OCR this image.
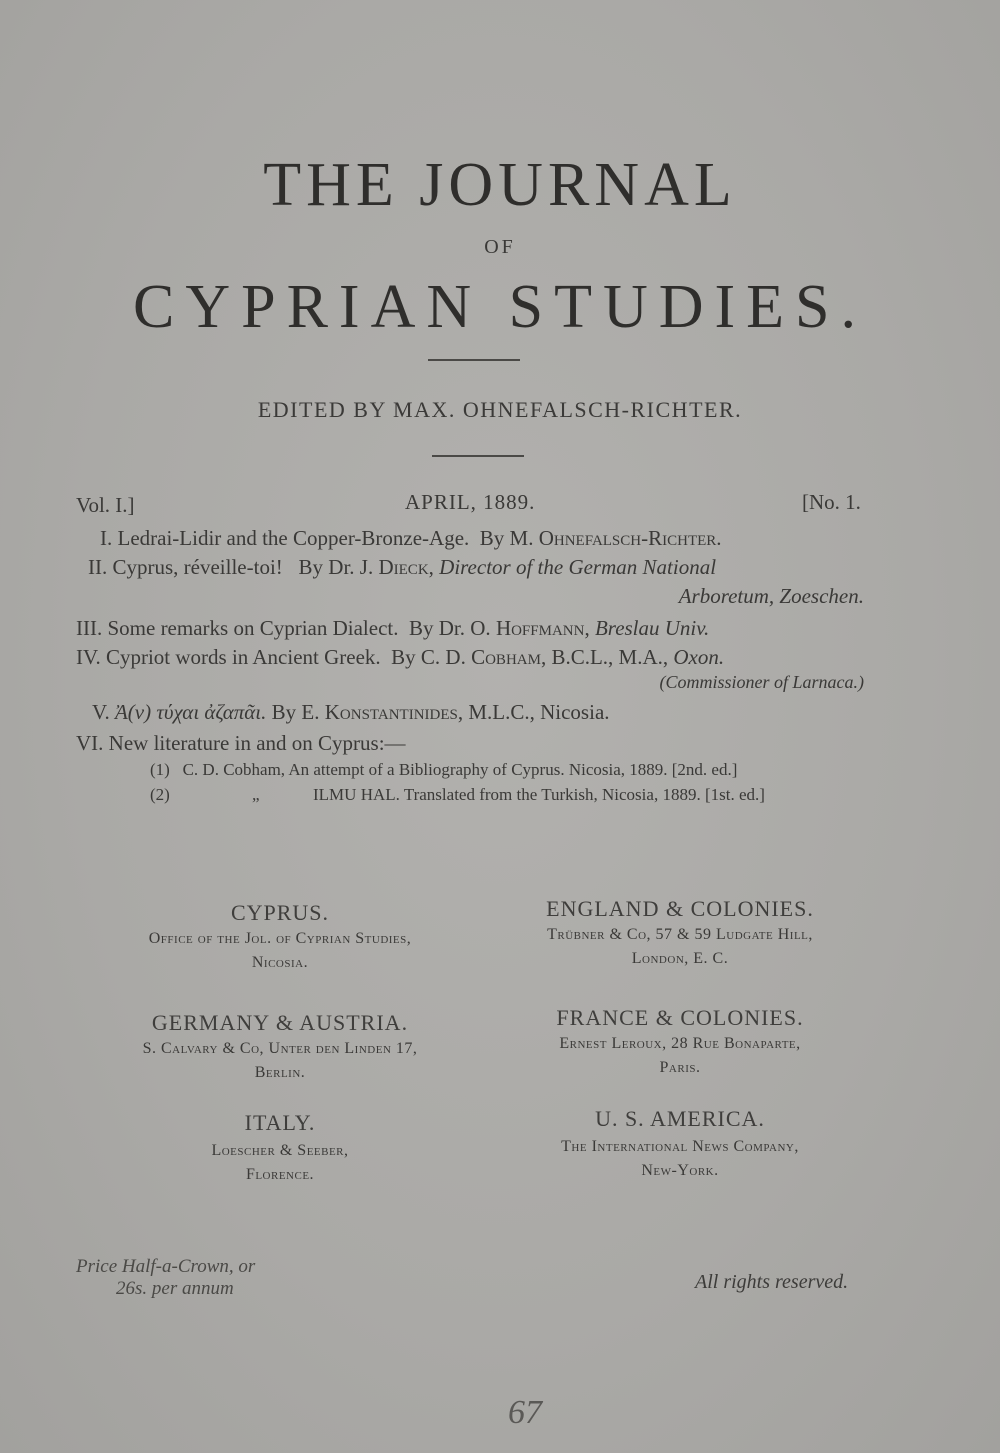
THE JOURNAL
OF
CYPRIAN STUDIES.
EDITED BY MAX. OHNEFALSCH-RICHTER.
Vol. I.]	APRIL, 1889.	[No. 1.
I. Ledrai-Lidir and the Copper-Bronze-Age. By M. Ohnefalsch-Richter.
II. Cyprus, réveille-toi! By Dr. J. Dieck, Director of the German National
Arboretum, Zoeschen.
III. Some remarks on Cyprian Dialect. By Dr. O. Hoffmann, Breslau Univ.
IV. Cypriot words in Ancient Greek. By C. D. Cobham, B.C.L., M.A., Oxon.
(Commissioner of Larnaca.)
V. Ἀ(ν) τύχαι ἀζαπᾶι. By E. Konstantinides, M.L.C., Nicosia.
VI. New literature in and on Cyprus:—
(1) C. D. Cobham, An attempt of a Bibliography of Cyprus. Nicosia, 1889. [2nd. ed.]
(2)	„	ILMU HAL. Translated from the Turkish, Nicosia, 1889. [1st. ed.]
CYPRUS.
Office of the Jol. of Cyprian Studies,
Nicosia.
ENGLAND & COLONIES.
Trübner & Co, 57 & 59 Ludgate Hill,
London, E. C.
GERMANY & AUSTRIA.
S. Calvary & Co, Unter den Linden 17,
Berlin.
FRANCE & COLONIES.
Ernest Leroux, 28 Rue Bonaparte,
Paris.
ITALY.
Loescher & Seeber,
Florence.
U. S. AMERICA.
The International News Company,
New-York.
Price Half-a-Crown, or
26s. per annum	All rights reserved.
67
